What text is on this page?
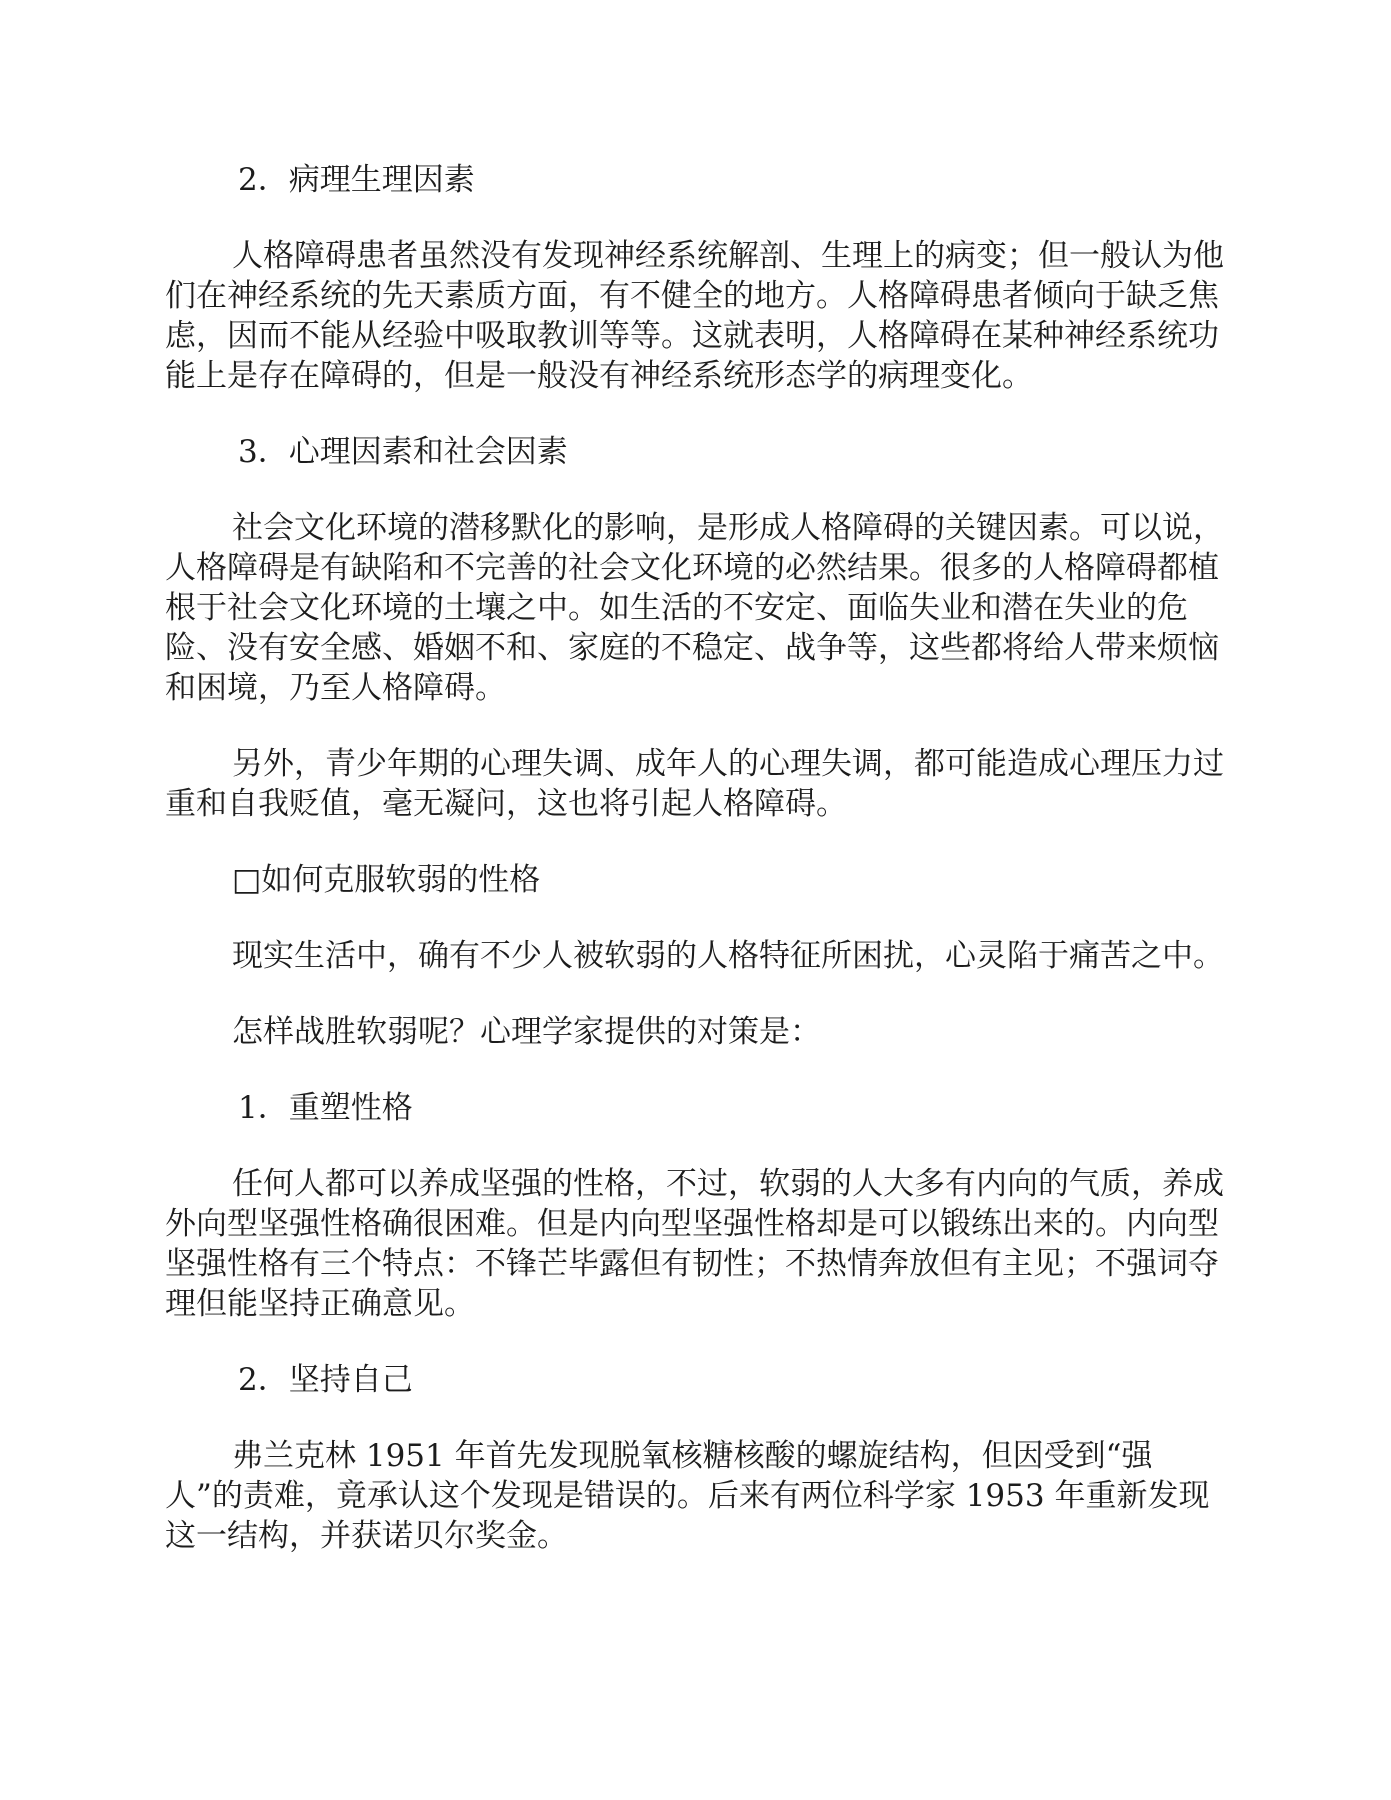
2．病理生理因素
人格障碍患者虽然没有发现神经系统解剖、生理上的病变；但一般认为他们在神经系统的先天素质方面，有不健全的地方。人格障碍患者倾向于缺乏焦虑，因而不能从经验中吸取教训等等。这就表明，人格障碍在某种神经系统功能上是存在障碍的，但是一般没有神经系统形态学的病理变化。
3．心理因素和社会因素
社会文化环境的潜移默化的影响，是形成人格障碍的关键因素。可以说，人格障碍是有缺陷和不完善的社会文化环境的必然结果。很多的人格障碍都植根于社会文化环境的土壤之中。如生活的不安定、面临失业和潜在失业的危险、没有安全感、婚姻不和、家庭的不稳定、战争等，这些都将给人带来烦恼和困境，乃至人格障碍。
另外，青少年期的心理失调、成年人的心理失调，都可能造成心理压力过重和自我贬值，毫无凝问，这也将引起人格障碍。
□如何克服软弱的性格
现实生活中，确有不少人被软弱的人格特征所困扰，心灵陷于痛苦之中。
怎样战胜软弱呢？心理学家提供的对策是：
1．重塑性格
任何人都可以养成坚强的性格，不过，软弱的人大多有内向的气质，养成外向型坚强性格确很困难。但是内向型坚强性格却是可以锻练出来的。内向型坚强性格有三个特点：不锋芒毕露但有韧性；不热情奔放但有主见；不强词夺理但能坚持正确意见。
2．坚持自己
弗兰克林 1951 年首先发现脱氧核糖核酸的螺旋结构，但因受到“强人”的责难，竟承认这个发现是错误的。后来有两位科学家 1953 年重新发现这一结构，并获诺贝尔奖金。
